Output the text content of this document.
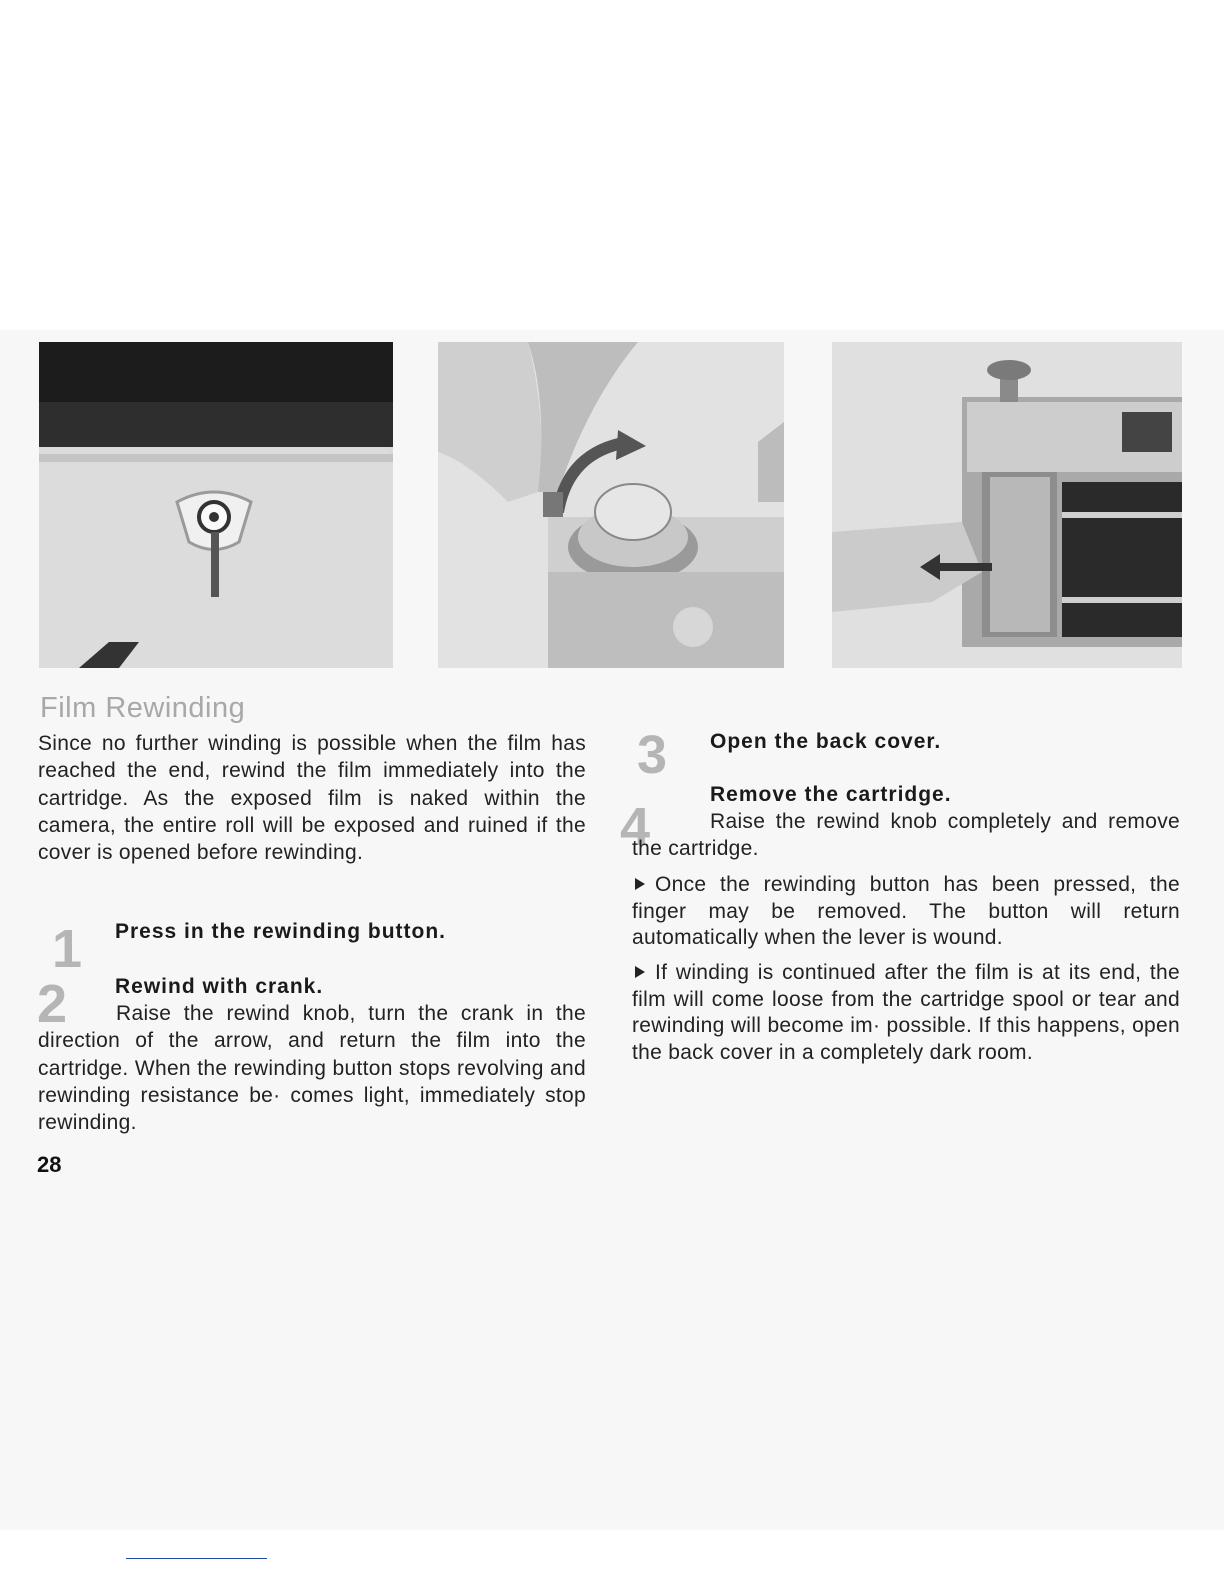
Film Rewinding

Since no further winding is possible when the film has reached the end, rewind the film immediately into the cartridge. As the exposed film is naked within the camera, the entire roll will be exposed and ruined if the cover is opened before rewinding.

1 Press in the rewinding button.

2 Rewind with crank.

Raise the rewind knob, turn the crank in the direction of the arrow, and return the film into the cartridge. When the rewinding button stops revolving and rewinding resistance be· comes light, immediately stop rewinding.

3 Open the back cover.

4

Remove the cartridge.

Raise the rewind knob completely and remove the cartridge.

Once the rewinding button has been pressed, the finger may be removed. The button will return automatically when the lever is wound.

If winding is continued after the film is at its end, the film will come loose from the cartridge spool or tear and rewinding will become im· possible. If this happens, open the back cover in a completely dark room.

28
